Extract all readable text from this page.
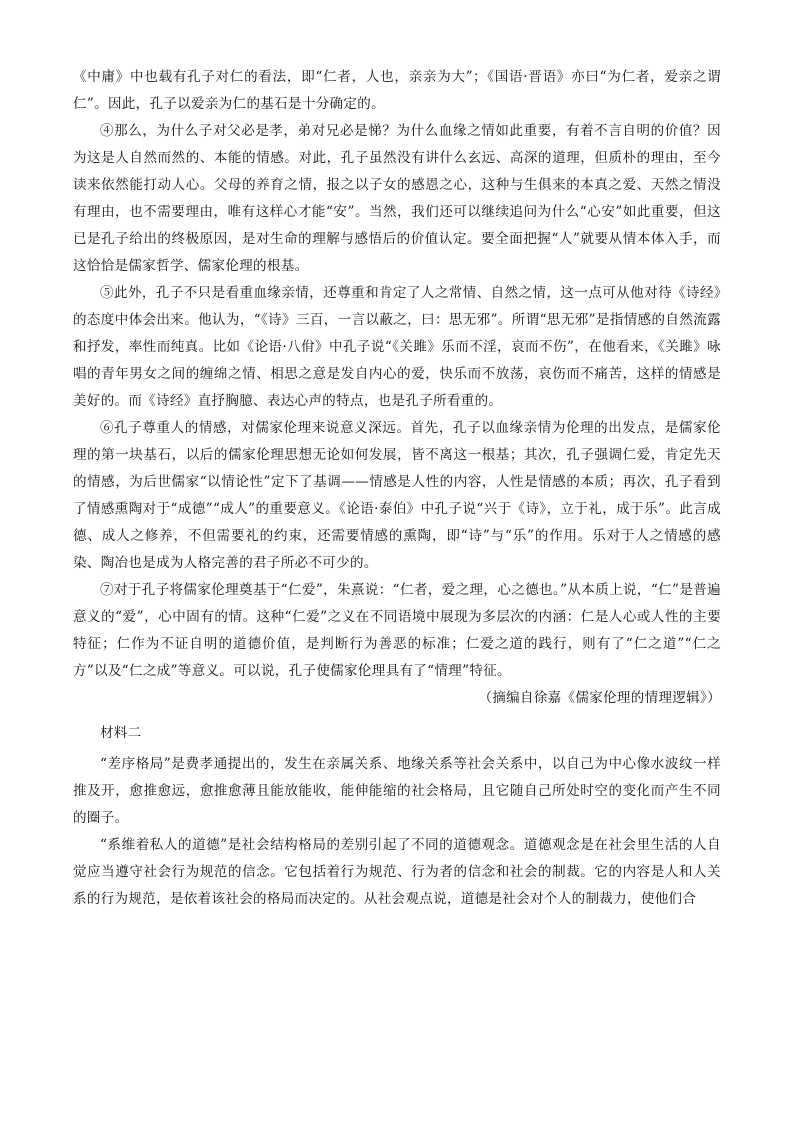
《中庸》中也载有孔子对仁的看法，即“仁者，人也，亲亲为大”；《国语·晋语》亦曰“为仁者，爱亲之谓仁”。因此，孔子以爱亲为仁的基石是十分确定的。

④那么，为什么子对父必是孝，弟对兄必是悌？为什么血缘之情如此重要，有着不言自明的价值？因为这是人自然而然的、本能的情感。对此，孔子虽然没有讲什么玄远、高深的道理，但质朴的理由，至今读来依然能打动人心。父母的养育之情，报之以子女的感恩之心，这种与生俱来的本真之爱、天然之情没有理由，也不需要理由，唯有这样心才能“安”。当然，我们还可以继续追问为什么“心安”如此重要，但这已是孔子给出的终极原因，是对生命的理解与感悟后的价值认定。要全面把握“人”就要从情本体入手，而这恰恰是儒家哲学、儒家伦理的根基。

⑤此外，孔子不只是看重血缘亲情，还尊重和肯定了人之常情、自然之情，这一点可从他对待《诗经》的态度中体会出来。他认为，“《诗》三百，一言以蔽之，曰：思无邪”。所谓“思无邪”是指情感的自然流露和抒发，率性而纯真。比如《论语·八佾》中孔子说“《关雎》乐而不淫，哀而不伤”，在他看来，《关雎》咏唱的青年男女之间的缠绵之情、相思之意是发自内心的爱，快乐而不放荡，哀伤而不痛苦，这样的情感是美好的。而《诗经》直抒胸臆、表达心声的特点，也是孔子所看重的。

⑥孔子尊重人的情感，对儒家伦理来说意义深远。首先，孔子以血缘亲情为伦理的出发点，是儒家伦理的第一块基石，以后的儒家伦理思想无论如何发展，皆不离这一根基；其次，孔子强调仁爱，肯定先天的情感，为后世儒家“以情论性”定下了基调——情感是人性的内容，人性是情感的本质；再次，孔子看到了情感熏陶对于“成德”“成人”的重要意义。《论语·泰伯》中孔子说“兴于《诗》，立于礼，成于乐”。此言成德、成人之修养，不但需要礼的约束，还需要情感的熏陶，即“诗”与“乐”的作用。乐对于人之情感的感染、陶冶也是成为人格完善的君子所必不可少的。

⑦对于孔子将儒家伦理奠基于“仁爱”，朱熹说：“仁者，爱之理，心之德也。”从本质上说，“仁”是普遍意义的“爱”，心中固有的情。这种“仁爱”之义在不同语境中展现为多层次的内涵：仁是人心或人性的主要特征；仁作为不证自明的道德价值，是判断行为善恶的标准；仁爱之道的践行，则有了“仁之道”“仁之方”以及“仁之成”等意义。可以说，孔子使儒家伦理具有了“情理”特征。

（摘编自徐嘉《儒家伦理的情理逻辑》）

材料二

“差序格局”是费孝通提出的，发生在亲属关系、地缘关系等社会关系中，以自己为中心像水波纹一样推及开，愈推愈远，愈推愈薄且能放能收，能伸能缩的社会格局，且它随自己所处时空的变化而产生不同的圈子。

“系维着私人的道德”是社会结构格局的差别引起了不同的道德观念。道德观念是在社会里生活的人自觉应当遵守社会行为规范的信念。它包括着行为规范、行为者的信念和社会的制裁。它的内容是人和人关系的行为规范，是依着该社会的格局而决定的。从社会观点说，道德是社会对个人的制裁力，使他们合
